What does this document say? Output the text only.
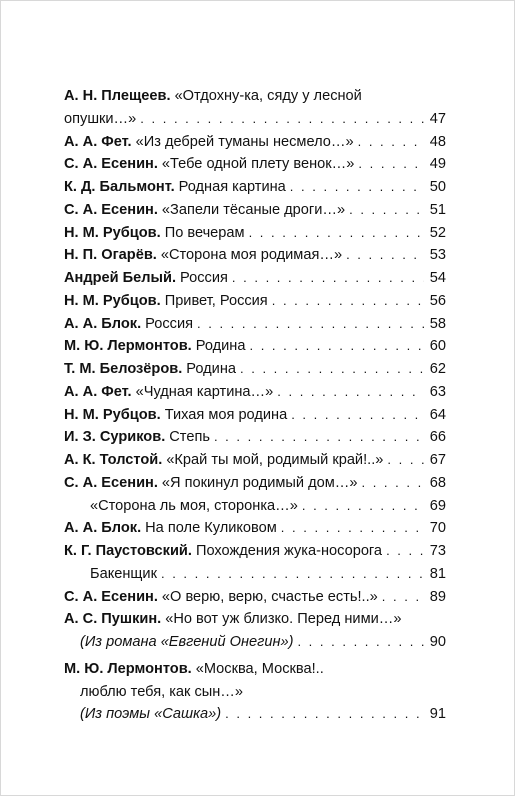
А. Н. Плещеев. «Отдохну-ка, сяду у лесной
опушки…» . . .	47
А. А. Фет. «Из дебрей туманы несмело…» . . .	48
С. А. Есенин. «Тебе одной плету венок…» . . .	49
К. Д. Бальмонт. Родная картина . . .	50
С. А. Есенин. «Запели тёсаные дроги…» . . .	51
Н. М. Рубцов. По вечерам . . .	52
Н. П. Огарёв. «Сторона моя родимая…» . . .	53
Андрей Белый. Россия . . .	54
Н. М. Рубцов. Привет, Россия . . .	56
А. А. Блок. Россия . . .	58
М. Ю. Лермонтов. Родина . . .	60
Т. М. Белозёров. Родина . . .	62
А. А. Фет. «Чудная картина…» . . .	63
Н. М. Рубцов. Тихая моя родина . . .	64
И. З. Суриков. Степь . . .	66
А. К. Толстой. «Край ты мой, родимый край!..» . . .	67
С. А. Есенин. «Я покинул родимый дом…» . . .	68
«Сторона ль моя, сторонка…» . . .	69
А. А. Блок. На поле Куликовом . . .	70
К. Г. Паустовский. Похождения жука-носорога . . .	73
Бакенщик . . .	81
С. А. Есенин. «О верю, верю, счастье есть!..» . . .	89
А. С. Пушкин. «Но вот уж близко. Перед ними…»
(Из романа «Евгений Онегин») . . .	90
М. Ю. Лермонтов. «Москва, Москва!..
люблю тебя, как сын…»
(Из поэмы «Сашка») . . .	91
